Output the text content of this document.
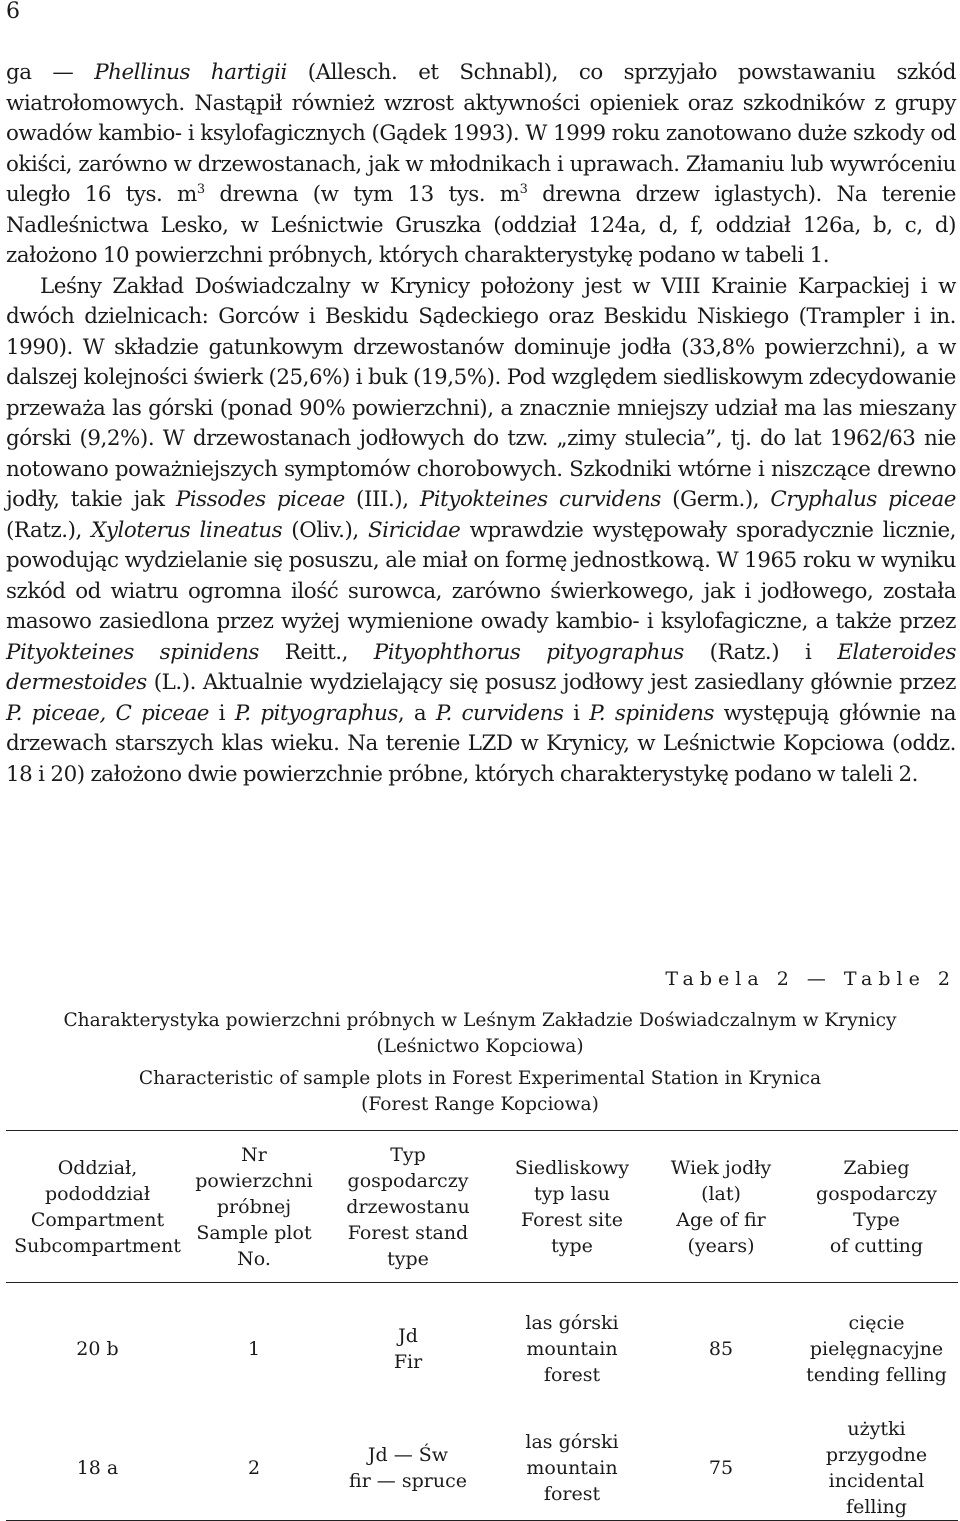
6

ga — Phellinus hartigii (Allesch. et Schnabl), co sprzyjało powstawaniu szkód wiatrołomowych. Nastąpił również wzrost aktywności opieniek oraz szkodników z grupy owadów kambio- i ksylofagicznych (Gądek 1993). W 1999 roku zanotowano duże szkody od okiści, zarówno w drzewostanach, jak w młodnikach i uprawach. Złamaniu lub wywróceniu uległo 16 tys. $m^3$ drewna (w tym 13 tys. $m^3$ drewna drzew iglastych). Na terenie Nadleśnictwa Lesko, w Leśnictwie Gruszka (oddział 124a, d, f, oddział 126a, b, c, d) założono 10 powierzchni próbnych, których charakterystykę podano w tabeli 1.

Leśny Zakład Doświadczalny w Krynicy położony jest w VIII Krainie Karpackiej i w dwóch dzielnicach: Gorców i Beskidu Sądeckiego oraz Beskidu Niskiego (Trampler i in. 1990). W składzie gatunkowym drzewostanów dominuje jodła (33,8% powierzchni), a w dalszej kolejności świerk (25,6%) i buk (19,5%). Pod względem siedliskowym zdecydowanie przeważa las górski (ponad 90% powierzchni), a znacznie mniejszy udział ma las mieszany górski (9,2%). W drzewostanach jodłowych do tzw. „zimy stulecia”, tj. do lat 1962/63 nie notowano poważniejszych symptomów chorobowych. Szkodniki wtórne i niszczące drewno jodły, takie jak Pissodes piceae (III.), Pityokteines curvidens (Germ.), Cryphalus piceae (Ratz.), Xyloterus lineatus (Oliv.), Siricidae wprawdzie występowały sporadycznie licznie, powodując wydzielanie się posuszu, ale miał on formę jednostkową. W 1965 roku w wyniku szkód od wiatru ogromna ilość surowca, zarówno świerkowego, jak i jodłowego, została masowo zasiedlona przez wyżej wymienione owady kambio- i ksylofagiczne, a także przez Pityokteines spinidens Reitt., Pityophthorus pityographus (Ratz.) i Elateroides dermestoides (L.). Aktualnie wydzielający się posusz jodłowy jest zasiedlany głównie przez P. piceae, C piceae i P. pityographus, a P. curvidens i P. spinidens występują głównie na drzewach starszych klas wieku. Na terenie LZD w Krynicy, w Leśnictwie Kopciowa (oddz. 18 i 20) założono dwie powierzchnie próbne, których charakterystykę podano w taleli 2.

Tabela 2 — Table 2
Charakterystyka powierzchni próbnych w Leśnym Zakładzie Doświadczalnym w Krynicy
(Leśnictwo Kopciowa)
Characteristic of sample plots in Forest Experimental Station in Krynica
(Forest Range Kopciowa)
Oddział,
pododdział
Compartment
Subcompartment	Nr
powierzchni
próbnej
Sample plot
No.	Typ
gospodarczy
drzewostanu
Forest stand
type	Siedliskowy
typ lasu
Forest site
type	Wiek jodły
(lat)
Age of fir
(years)	Zabieg
gospodarczy
Type
of cutting

20 b	1	Jd
Fir	las górski
mountain
forest	85	cięcie
pielęgnacyjne
tending felling

18 a	2	Jd — Św
fir — spruce	las górski
mountain
forest	75	użytki
przygodne
incidental
felling
